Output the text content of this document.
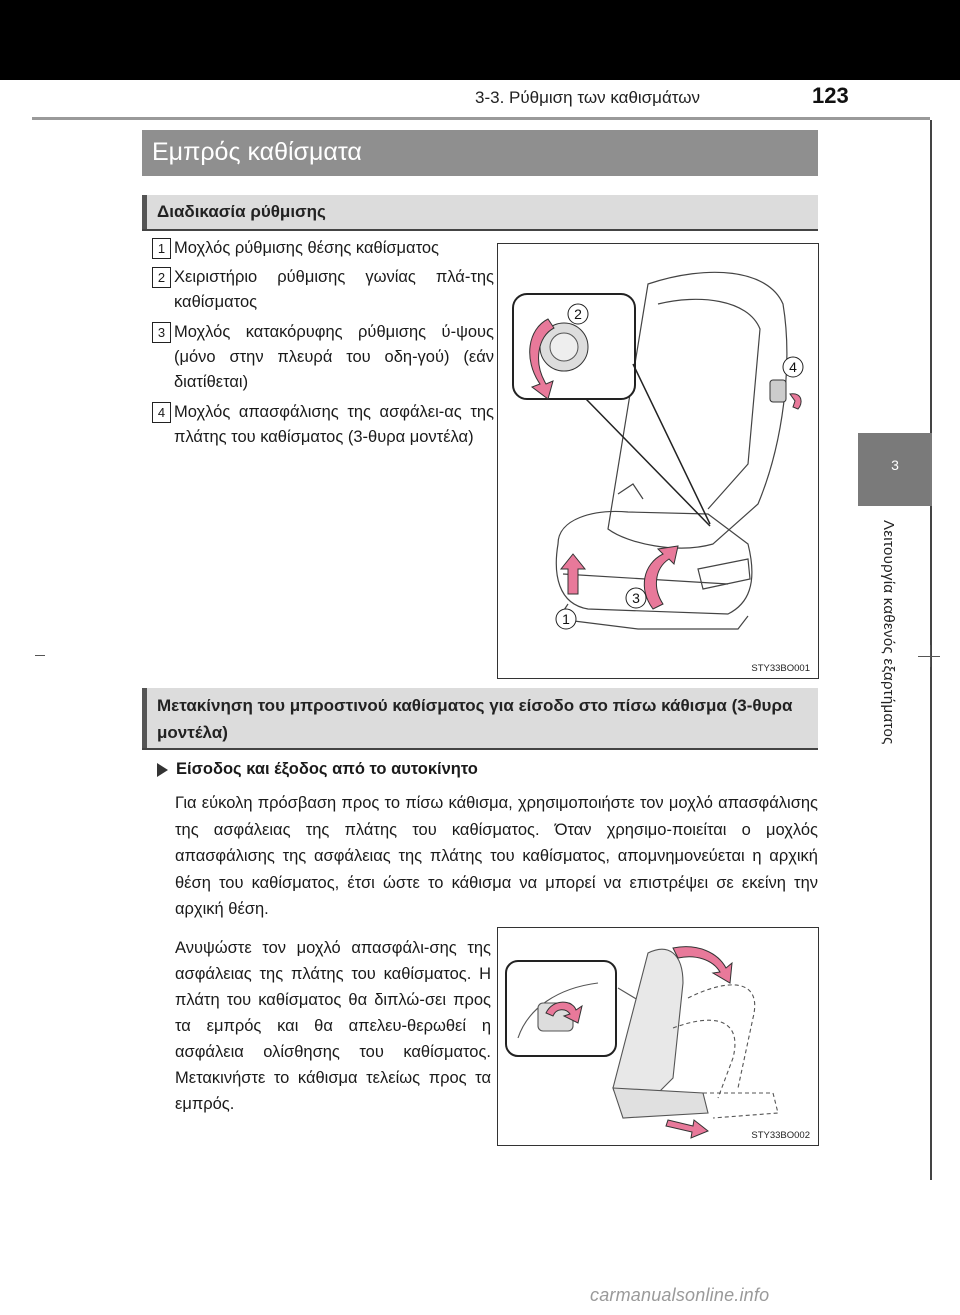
3-3. Ρύθμιση των καθισμάτων	123
3
Λειτουργία καθενός εξαρτήματος
Εμπρός καθίσματα
Διαδικασία ρύθμισης
1 Μοχλός ρύθμισης θέσης καθίσματος
2 Χειριστήριο ρύθμισης γωνίας πλά-της καθίσματος
3 Μοχλός κατακόρυφης ρύθμισης ύ-ψους (μόνο στην πλευρά του οδη-γού) (εάν διατίθεται)
4 Μοχλός απασφάλισης της ασφάλει-ας της πλάτης του καθίσματος (3-θυρα μοντέλα)
2
4
3
1
STY33BO001
Μετακίνηση του μπροστινού καθίσματος για είσοδο στο πίσω κάθισμα (3-θυρα μοντέλα)
Είσοδος και έξοδος από το αυτοκίνητο
Για εύκολη πρόσβαση προς το πίσω κάθισμα, χρησιμοποιήστε τον μοχλό απασφάλισης της ασφάλειας της πλάτης του καθίσματος. Όταν χρησιμο-ποιείται ο μοχλός απασφάλισης της ασφάλειας της πλάτης του καθίσματος, απομνημονεύεται η αρχική θέση του καθίσματος, έτσι ώστε το κάθισμα να μπορεί να επιστρέψει σε εκείνη την αρχική θέση.
Ανυψώστε τον μοχλό απασφάλι-σης της ασφάλειας της πλάτης του καθίσματος. Η πλάτη του καθίσματος θα διπλώ-σει προς τα εμπρός και θα απελευ-θερωθεί η ασφάλεια ολίσθησης του καθίσματος. Μετακινήστε το κάθισμα τελείως προς τα εμπρός.
STY33BO002
carmanualsonline.info
